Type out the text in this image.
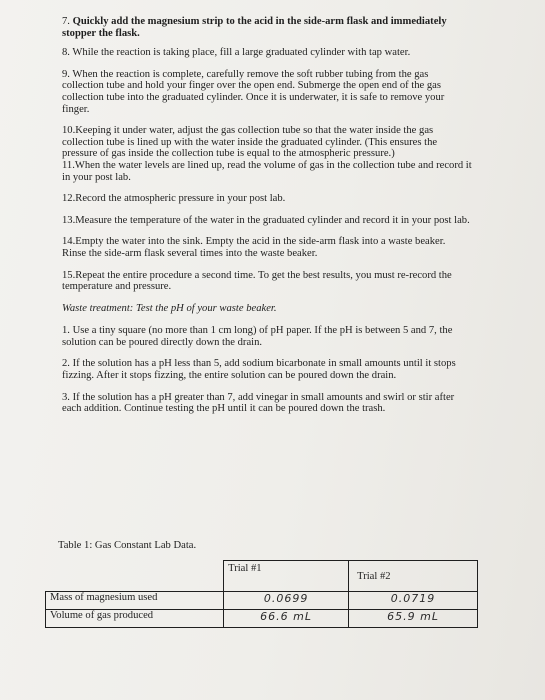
7. Quickly add the magnesium strip to the acid in the side-arm flask and immediately stopper the flask.

8. While the reaction is taking place, fill a large graduated cylinder with tap water.

9. When the reaction is complete, carefully remove the soft rubber tubing from the gas collection tube and hold your finger over the open end. Submerge the open end of the gas collection tube into the graduated cylinder. Once it is underwater, it is safe to remove your finger.

10.Keeping it under water, adjust the gas collection tube so that the water inside the gas collection tube is lined up with the water inside the graduated cylinder. (This ensures the pressure of gas inside the collection tube is equal to the atmospheric pressure.)

11.When the water levels are lined up, read the volume of gas in the collection tube and record it in your post lab.

12.Record the atmospheric pressure in your post lab.

13.Measure the temperature of the water in the graduated cylinder and record it in your post lab.

14.Empty the water into the sink. Empty the acid in the side-arm flask into a waste beaker. Rinse the side-arm flask several times into the waste beaker.

15.Repeat the entire procedure a second time. To get the best results, you must re-record the temperature and pressure.

Waste treatment: Test the pH of your waste beaker.

1. Use a tiny square (no more than 1 cm long) of pH paper. If the pH is between 5 and 7, the solution can be poured directly down the drain.

2. If the solution has a pH less than 5, add sodium bicarbonate in small amounts until it stops fizzing. After it stops fizzing, the entire solution can be poured down the drain.

3. If the solution has a pH greater than 7, add vinegar in small amounts and swirl or stir after each addition. Continue testing the pH until it can be poured down the trash.

Table 1: Gas Constant Lab Data.
	Trial #1	Trial #2
Mass of magnesium used	0.0699	0.0719
Volume of gas produced	66.6 mL	65.9 mL
